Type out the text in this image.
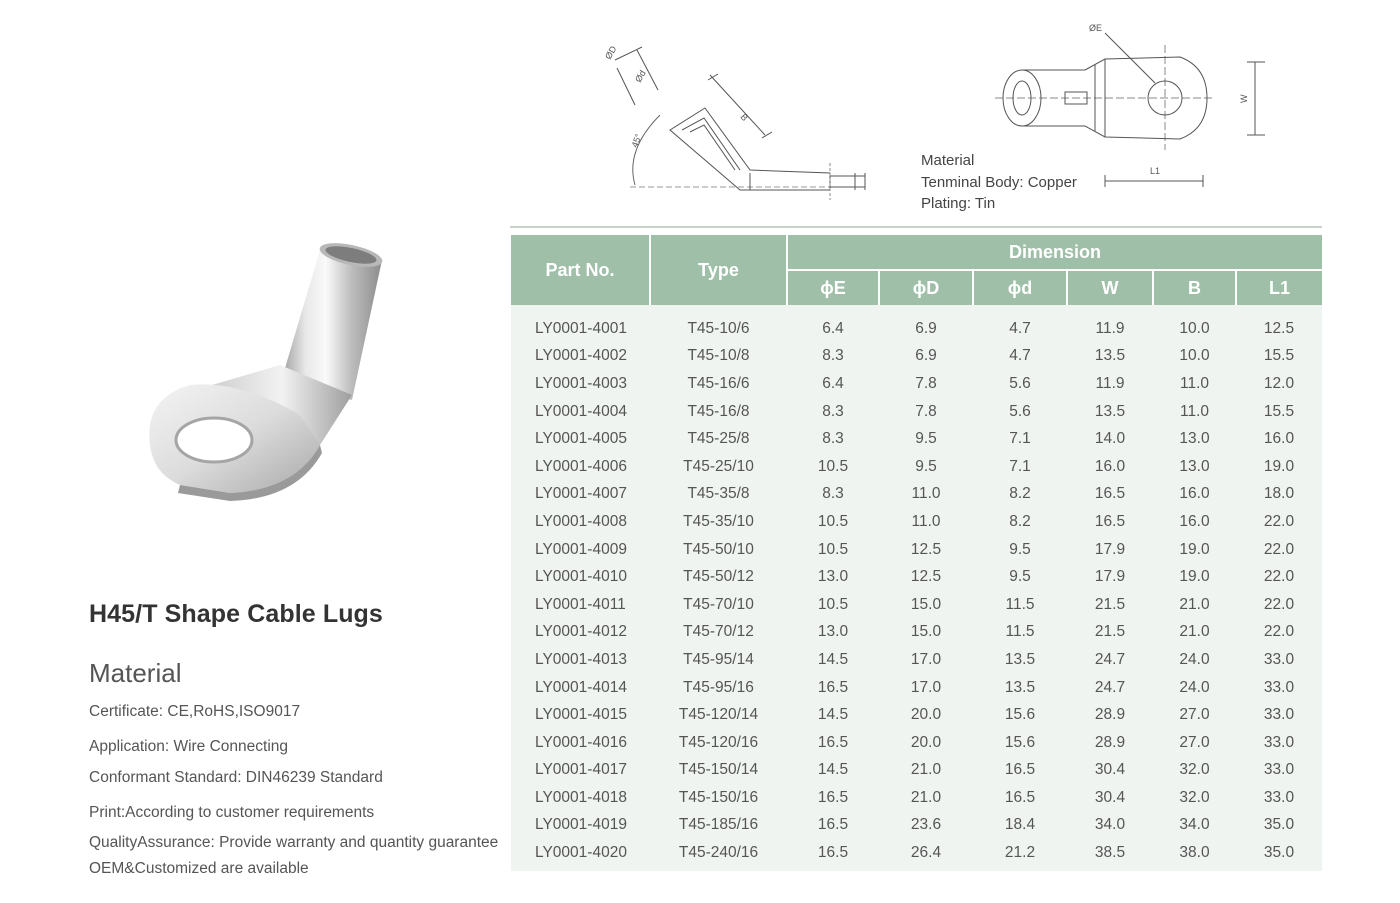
H45/T Shape Cable Lugs
Material
Certificate: CE,RoHS,ISO9017
Application: Wire Connecting
Conformant Standard: DIN46239 Standard
Print:According to customer requirements
QualityAssurance: Provide warranty and quantity guarantee
OEM&Customized are available
ØD
Ød
45°
B
ØE
W
L1
Material
Tenminal Body: Copper
Plating: Tin
Part No.	Type	Dimension					
		ϕE	ϕD	ϕd	W	B	L1
LY0001-4001	T45-10/6	6.4	6.9	4.7	11.9	10.0	12.5
LY0001-4002	T45-10/8	8.3	6.9	4.7	13.5	10.0	15.5
LY0001-4003	T45-16/6	6.4	7.8	5.6	11.9	11.0	12.0
LY0001-4004	T45-16/8	8.3	7.8	5.6	13.5	11.0	15.5
LY0001-4005	T45-25/8	8.3	9.5	7.1	14.0	13.0	16.0
LY0001-4006	T45-25/10	10.5	9.5	7.1	16.0	13.0	19.0
LY0001-4007	T45-35/8	8.3	11.0	8.2	16.5	16.0	18.0
LY0001-4008	T45-35/10	10.5	11.0	8.2	16.5	16.0	22.0
LY0001-4009	T45-50/10	10.5	12.5	9.5	17.9	19.0	22.0
LY0001-4010	T45-50/12	13.0	12.5	9.5	17.9	19.0	22.0
LY0001-4011	T45-70/10	10.5	15.0	11.5	21.5	21.0	22.0
LY0001-4012	T45-70/12	13.0	15.0	11.5	21.5	21.0	22.0
LY0001-4013	T45-95/14	14.5	17.0	13.5	24.7	24.0	33.0
LY0001-4014	T45-95/16	16.5	17.0	13.5	24.7	24.0	33.0
LY0001-4015	T45-120/14	14.5	20.0	15.6	28.9	27.0	33.0
LY0001-4016	T45-120/16	16.5	20.0	15.6	28.9	27.0	33.0
LY0001-4017	T45-150/14	14.5	21.0	16.5	30.4	32.0	33.0
LY0001-4018	T45-150/16	16.5	21.0	16.5	30.4	32.0	33.0
LY0001-4019	T45-185/16	16.5	23.6	18.4	34.0	34.0	35.0
LY0001-4020	T45-240/16	16.5	26.4	21.2	38.5	38.0	35.0
